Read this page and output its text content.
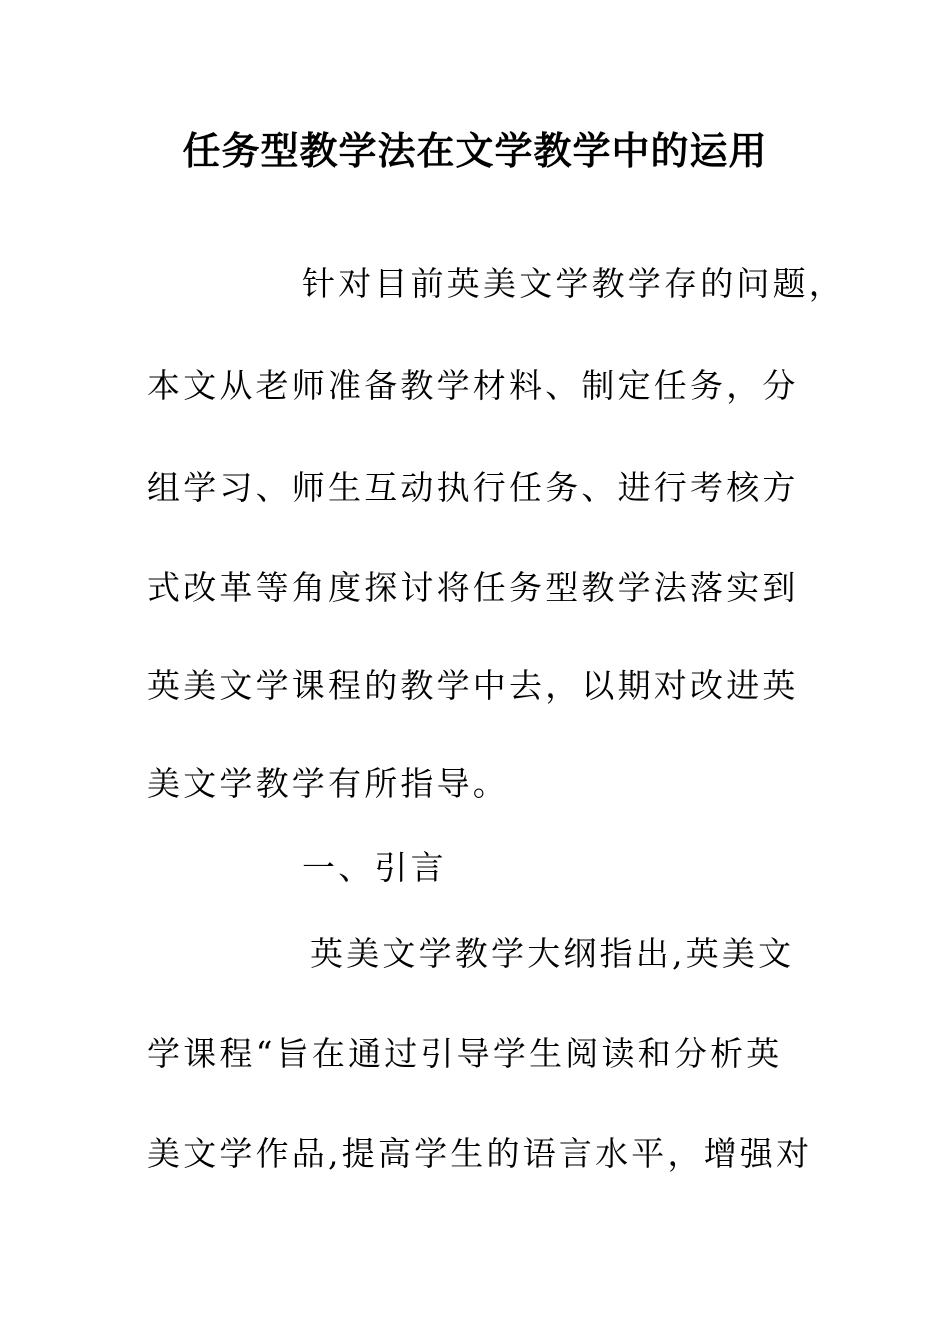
任务型教学法在文学教学中的运用
针对目前英美文学教学存的问题，
本文从老师准备教学材料、制定任务，分
组学习、师生互动执行任务、进行考核方
式改革等角度探讨将任务型教学法落实到
英美文学课程的教学中去，以期对改进英
美文学教学有所指导。
一、引言
英美文学教学大纲指出,英美文
学课程“旨在通过引导学生阅读和分析英
美文学作品,提高学生的语言水平，增强对
